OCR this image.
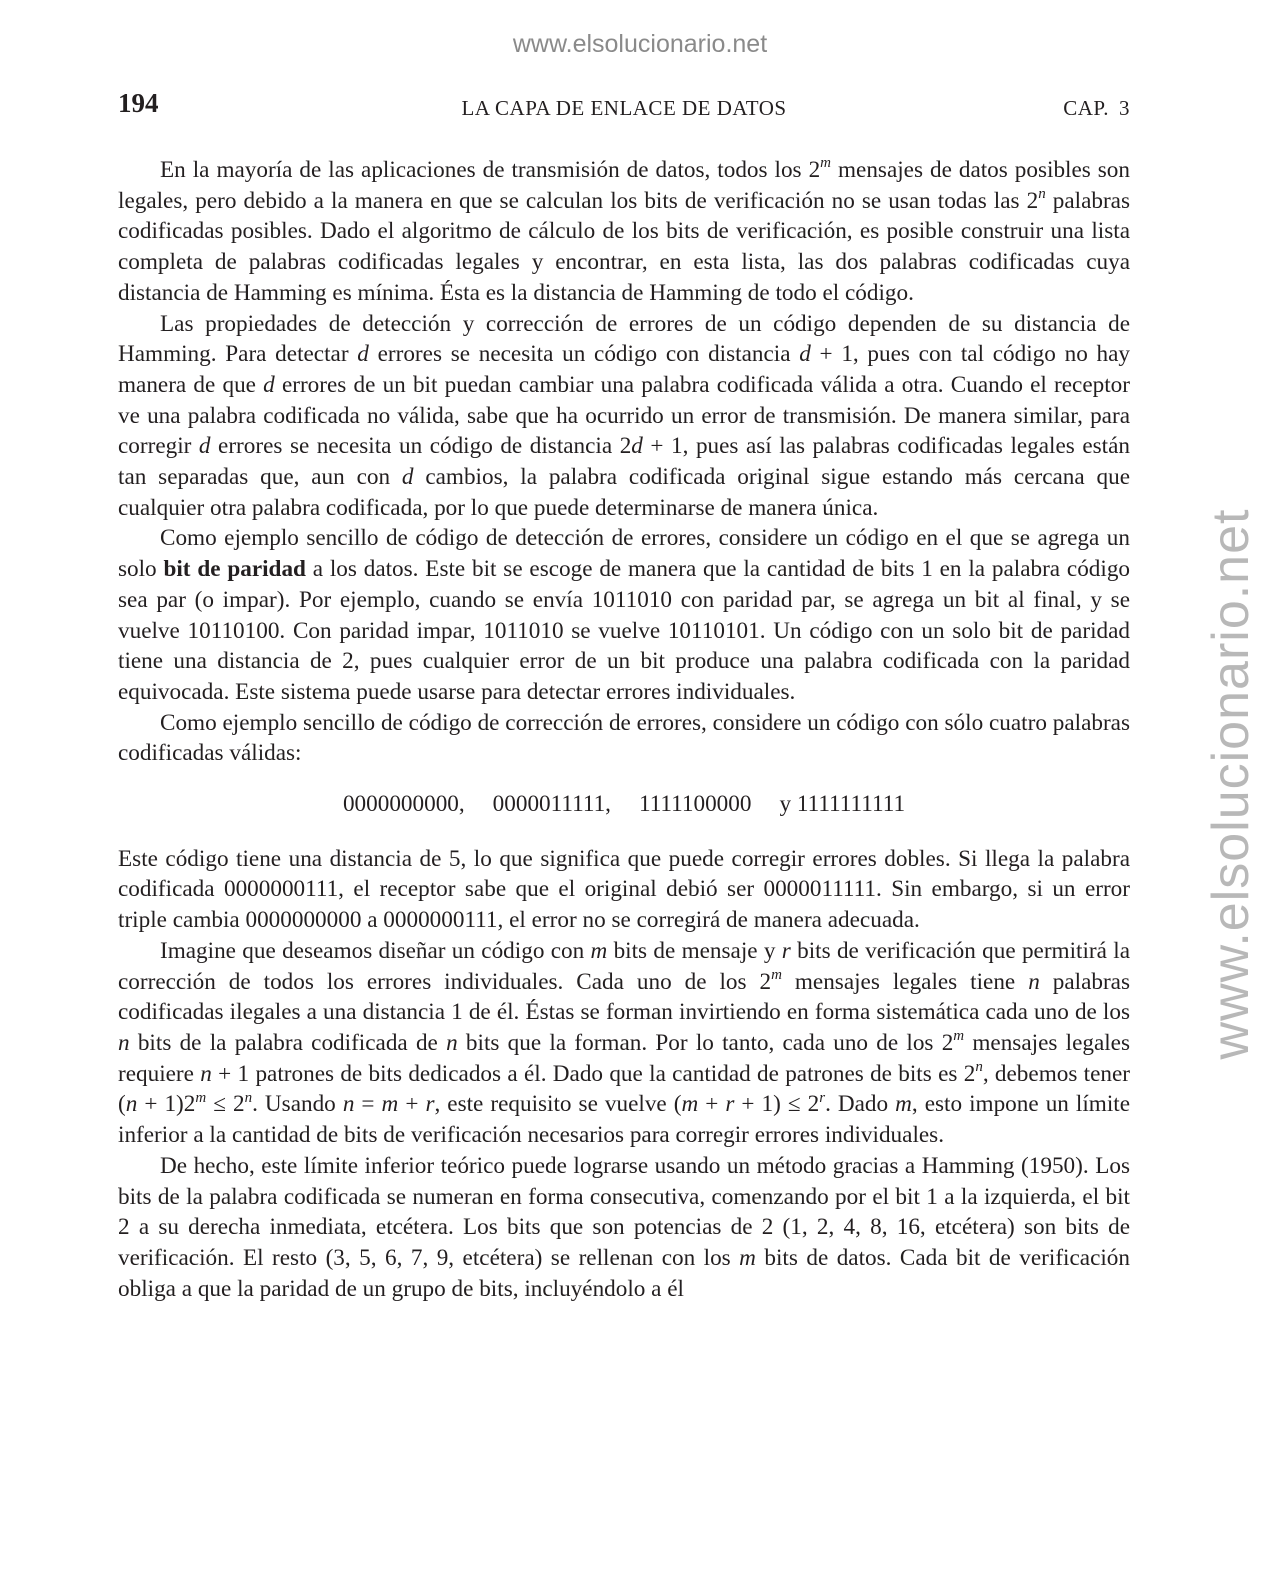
www.elsolucionario.net
www.elsolucionario.net
194	LA CAPA DE ENLACE DE DATOS	CAP. 3

En la mayoría de las aplicaciones de transmisión de datos, todos los 2$^m$ mensajes de datos posibles son legales, pero debido a la manera en que se calculan los bits de verificación no se usan todas las 2$^n$ palabras codificadas posibles. Dado el algoritmo de cálculo de los bits de verificación, es posible construir una lista completa de palabras codificadas legales y encontrar, en esta lista, las dos palabras codificadas cuya distancia de Hamming es mínima. Ésta es la distancia de Hamming de todo el código.

Las propiedades de detección y corrección de errores de un código dependen de su distancia de Hamming. Para detectar d errores se necesita un código con distancia d + 1, pues con tal código no hay manera de que d errores de un bit puedan cambiar una palabra codificada válida a otra. Cuando el receptor ve una palabra codificada no válida, sabe que ha ocurrido un error de transmisión. De manera similar, para corregir d errores se necesita un código de distancia 2d + 1, pues así las palabras codificadas legales están tan separadas que, aun con d cambios, la palabra codificada original sigue estando más cercana que cualquier otra palabra codificada, por lo que puede determinarse de manera única.

Como ejemplo sencillo de código de detección de errores, considere un código en el que se agrega un solo bit de paridad a los datos. Este bit se escoge de manera que la cantidad de bits 1 en la palabra código sea par (o impar). Por ejemplo, cuando se envía 1011010 con paridad par, se agrega un bit al final, y se vuelve 10110100. Con paridad impar, 1011010 se vuelve 10110101. Un código con un solo bit de paridad tiene una distancia de 2, pues cualquier error de un bit produce una palabra codificada con la paridad equivocada. Este sistema puede usarse para detectar errores individuales.

Como ejemplo sencillo de código de corrección de errores, considere un código con sólo cuatro palabras codificadas válidas:

0000000000, 0000011111, 1111100000 y 1111111111

Este código tiene una distancia de 5, lo que significa que puede corregir errores dobles. Si llega la palabra codificada 0000000111, el receptor sabe que el original debió ser 0000011111. Sin embargo, si un error triple cambia 0000000000 a 0000000111, el error no se corregirá de manera adecuada.

Imagine que deseamos diseñar un código con m bits de mensaje y r bits de verificación que permitirá la corrección de todos los errores individuales. Cada uno de los 2$^m$ mensajes legales tiene n palabras codificadas ilegales a una distancia 1 de él. Éstas se forman invirtiendo en forma sistemática cada uno de los n bits de la palabra codificada de n bits que la forman. Por lo tanto, cada uno de los 2$^m$ mensajes legales requiere n + 1 patrones de bits dedicados a él. Dado que la cantidad de patrones de bits es 2$^n$, debemos tener $(n + 1)2^m \le 2^n$. Usando n = m + r, este requisito se vuelve $(m + r + 1) \le 2^r$. Dado m, esto impone un límite inferior a la cantidad de bits de verificación necesarios para corregir errores individuales.

De hecho, este límite inferior teórico puede lograrse usando un método gracias a Hamming (1950). Los bits de la palabra codificada se numeran en forma consecutiva, comenzando por el bit 1 a la izquierda, el bit 2 a su derecha inmediata, etcétera. Los bits que son potencias de 2 (1, 2, 4, 8, 16, etcétera) son bits de verificación. El resto (3, 5, 6, 7, 9, etcétera) se rellenan con los m bits de datos. Cada bit de verificación obliga a que la paridad de un grupo de bits, incluyéndolo a él
